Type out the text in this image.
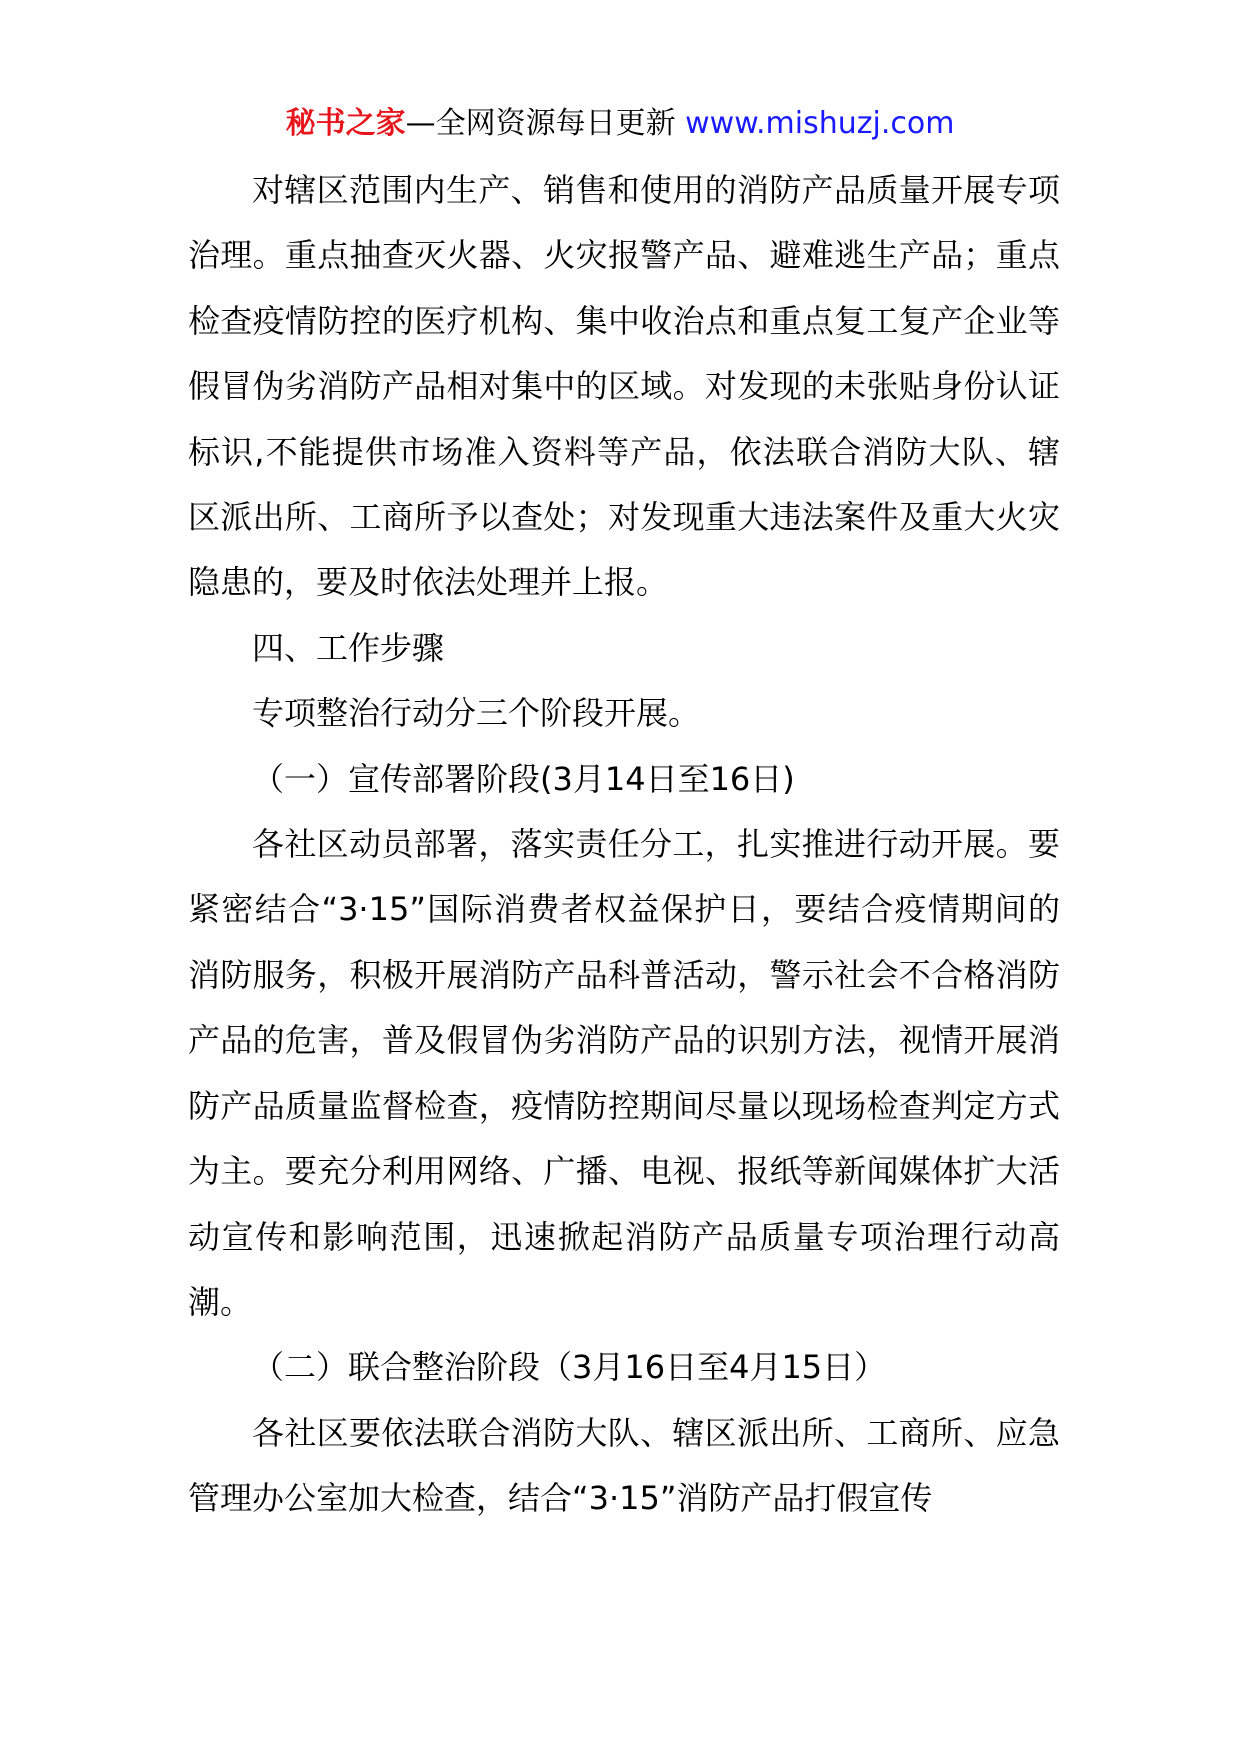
秘书之家—全网资源每日更新 www.mishuzj.com

对辖区范围内生产、销售和使用的消防产品质量开展专项治理。重点抽查灭火器、火灾报警产品、避难逃生产品；重点检查疫情防控的医疗机构、集中收治点和重点复工复产企业等假冒伪劣消防产品相对集中的区域。对发现的未张贴身份认证标识,不能提供市场准入资料等产品，依法联合消防大队、辖区派出所、工商所予以查处；对发现重大违法案件及重大火灾隐患的，要及时依法处理并上报。

四、工作步骤

专项整治行动分三个阶段开展。

（一）宣传部署阶段(3月14日至16日)

各社区动员部署，落实责任分工，扎实推进行动开展。要紧密结合“3·15”国际消费者权益保护日，要结合疫情期间的消防服务，积极开展消防产品科普活动，警示社会不合格消防产品的危害，普及假冒伪劣消防产品的识别方法，视情开展消防产品质量监督检查，疫情防控期间尽量以现场检查判定方式为主。要充分利用网络、广播、电视、报纸等新闻媒体扩大活动宣传和影响范围，迅速掀起消防产品质量专项治理行动高潮。

（二）联合整治阶段（3月16日至4月15日）

各社区要依法联合消防大队、辖区派出所、工商所、应急管理办公室加大检查，结合“3·15”消防产品打假宣传
